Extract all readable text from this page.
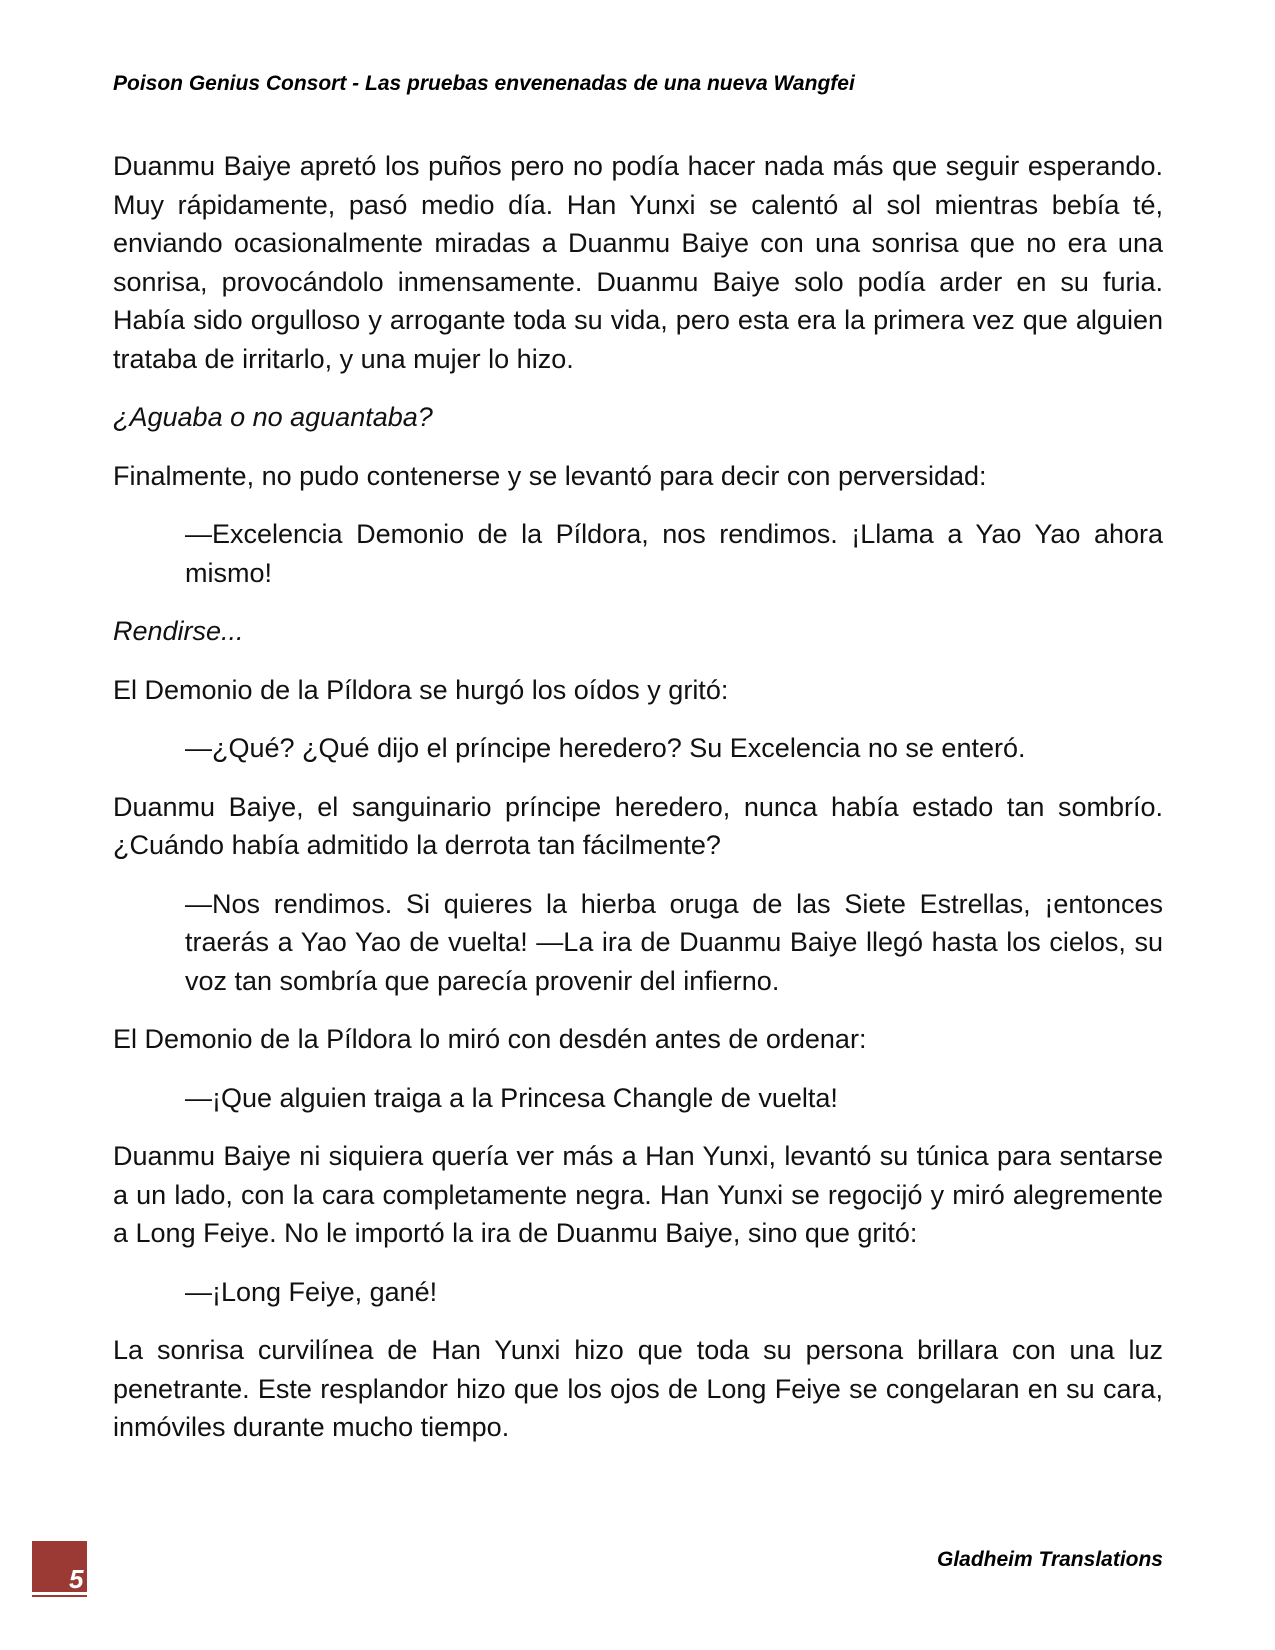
Poison Genius Consort - Las pruebas envenenadas de una nueva Wangfei

Duanmu Baiye apretó los puños pero no podía hacer nada más que seguir esperando. Muy rápidamente, pasó medio día. Han Yunxi se calentó al sol mientras bebía té, enviando ocasionalmente miradas a Duanmu Baiye con una sonrisa que no era una sonrisa, provocándolo inmensamente. Duanmu Baiye solo podía arder en su furia. Había sido orgulloso y arrogante toda su vida, pero esta era la primera vez que alguien trataba de irritarlo, y una mujer lo hizo.

¿Aguaba o no aguantaba?

Finalmente, no pudo contenerse y se levantó para decir con perversidad:

—Excelencia Demonio de la Píldora, nos rendimos. ¡Llama a Yao Yao ahora mismo!

Rendirse...

El Demonio de la Píldora se hurgó los oídos y gritó:

—¿Qué? ¿Qué dijo el príncipe heredero? Su Excelencia no se enteró.

Duanmu Baiye, el sanguinario príncipe heredero, nunca había estado tan sombrío. ¿Cuándo había admitido la derrota tan fácilmente?

—Nos rendimos. Si quieres la hierba oruga de las Siete Estrellas, ¡entonces traerás a Yao Yao de vuelta! —La ira de Duanmu Baiye llegó hasta los cielos, su voz tan sombría que parecía provenir del infierno.

El Demonio de la Píldora lo miró con desdén antes de ordenar:

—¡Que alguien traiga a la Princesa Changle de vuelta!

Duanmu Baiye ni siquiera quería ver más a Han Yunxi, levantó su túnica para sentarse a un lado, con la cara completamente negra. Han Yunxi se regocijó y miró alegremente a Long Feiye. No le importó la ira de Duanmu Baiye, sino que gritó:

—¡Long Feiye, gané!

La sonrisa curvilínea de Han Yunxi hizo que toda su persona brillara con una luz penetrante. Este resplandor hizo que los ojos de Long Feiye se congelaran en su cara, inmóviles durante mucho tiempo.

5
Gladheim Translations
